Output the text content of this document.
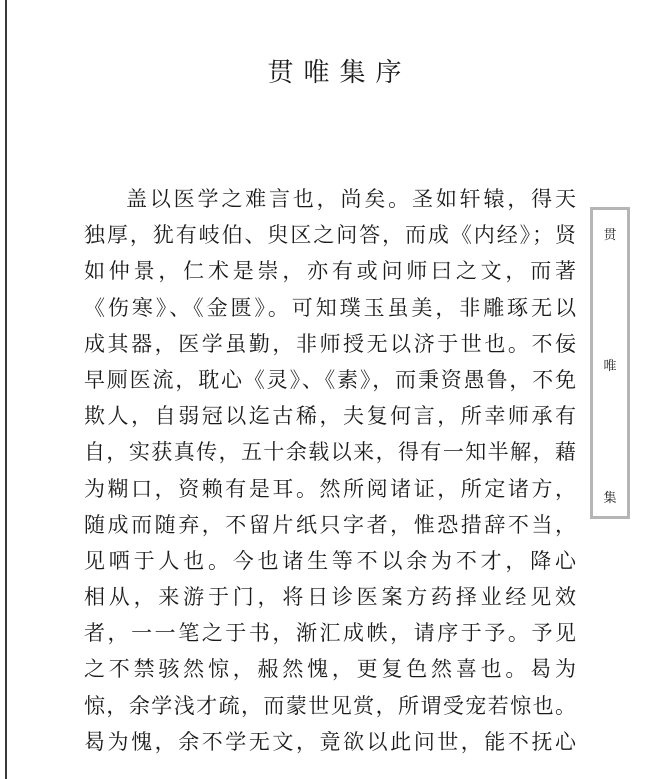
贯唯集序
盖以医学之难言也，尚矣。圣如轩辕，得天
独厚，犹有岐伯、臾区之问答，而成《内经》；贤
如仲景，仁术是崇，亦有或问师曰之文，而著
《伤寒》、《金匮》。可知璞玉虽美，非雕琢无以
成其器，医学虽勤，非师授无以济于世也。不佞
早厕医流，耽心《灵》、《素》，而秉资愚鲁，不免
欺人，自弱冠以迄古稀，夫复何言，所幸师承有
自，实获真传，五十余载以来，得有一知半解，藉
为糊口，资赖有是耳。然所阅诸证，所定诸方，
随成而随弃，不留片纸只字者，惟恐措辞不当，
见哂于人也。今也诸生等不以余为不才，降心
相从，来游于门，将日诊医案方药择业经见效
者，一一笔之于书，渐汇成帙，请序于予。予见
之不禁骇然惊，赧然愧，更复色然喜也。曷为
惊，余学浅才疏，而蒙世见赏，所谓受宠若惊也。
曷为愧，余不学无文，竟欲以此问世，能不抚心
贯
唯
集
